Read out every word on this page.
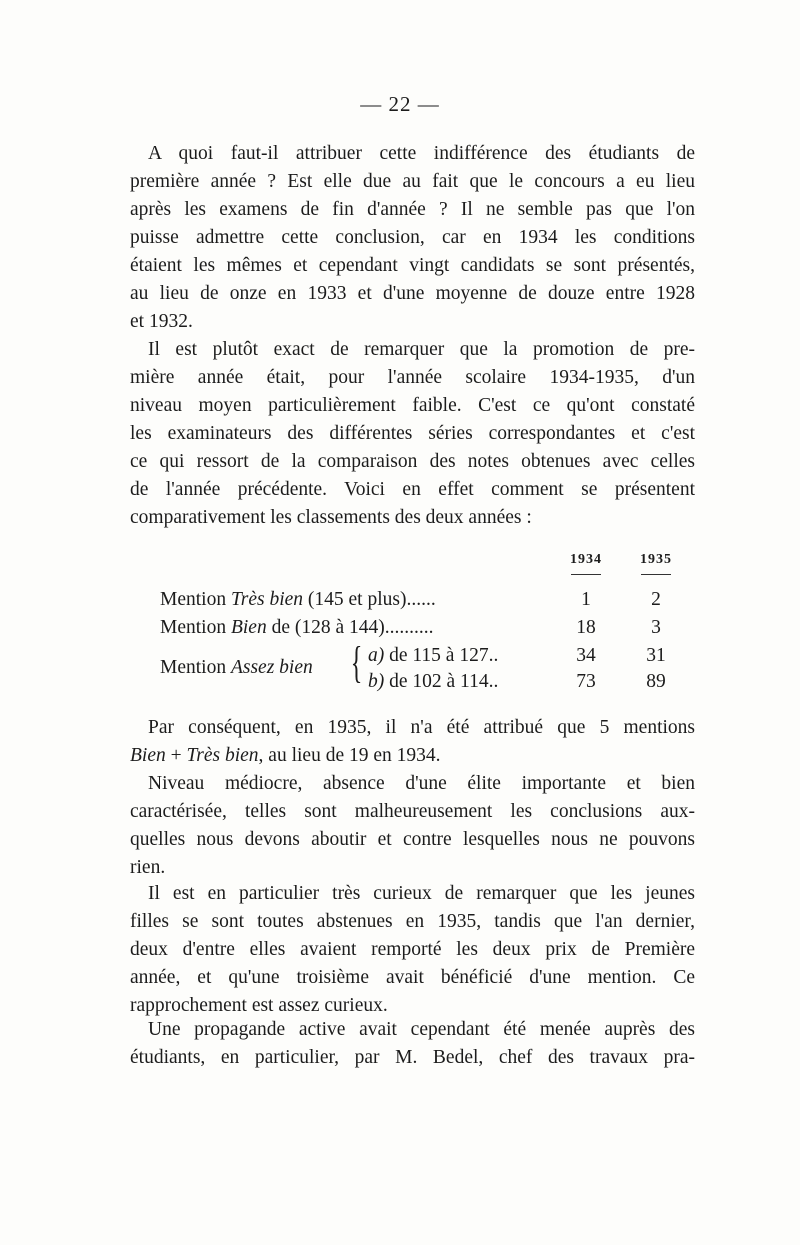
— 22 —
A quoi faut-il attribuer cette indifférence des étudiants de
première année ? Est elle due au fait que le concours a eu lieu
après les examens de fin d'année ? Il ne semble pas que l'on
puisse admettre cette conclusion, car en 1934 les conditions
étaient les mêmes et cependant vingt candidats se sont présentés,
au lieu de onze en 1933 et d'une moyenne de douze entre 1928
et 1932.
Il est plutôt exact de remarquer que la promotion de pre-
mière année était, pour l'année scolaire 1934-1935, d'un
niveau moyen particulièrement faible. C'est ce qu'ont constaté
les examinateurs des différentes séries correspondantes et c'est
ce qui ressort de la comparaison des notes obtenues avec celles
de l'année précédente. Voici en effet comment se présentent
comparativement les classements des deux années :
1934	1935
Mention Très bien (145 et plus)......	1	2
Mention Bien de (128 à 144)..........	18	3
Mention Assez bien { a) de 115 à 127..	34	31
b) de 102 à 114..	73	89
Par conséquent, en 1935, il n'a été attribué que 5 mentions
Bien + Très bien, au lieu de 19 en 1934.
Niveau médiocre, absence d'une élite importante et bien
caractérisée, telles sont malheureusement les conclusions aux-
quelles nous devons aboutir et contre lesquelles nous ne pouvons
rien.
Il est en particulier très curieux de remarquer que les jeunes
filles se sont toutes abstenues en 1935, tandis que l'an dernier,
deux d'entre elles avaient remporté les deux prix de Première
année, et qu'une troisième avait bénéficié d'une mention. Ce
rapprochement est assez curieux.
Une propagande active avait cependant été menée auprès des
étudiants, en particulier, par M. Bedel, chef des travaux pra-
